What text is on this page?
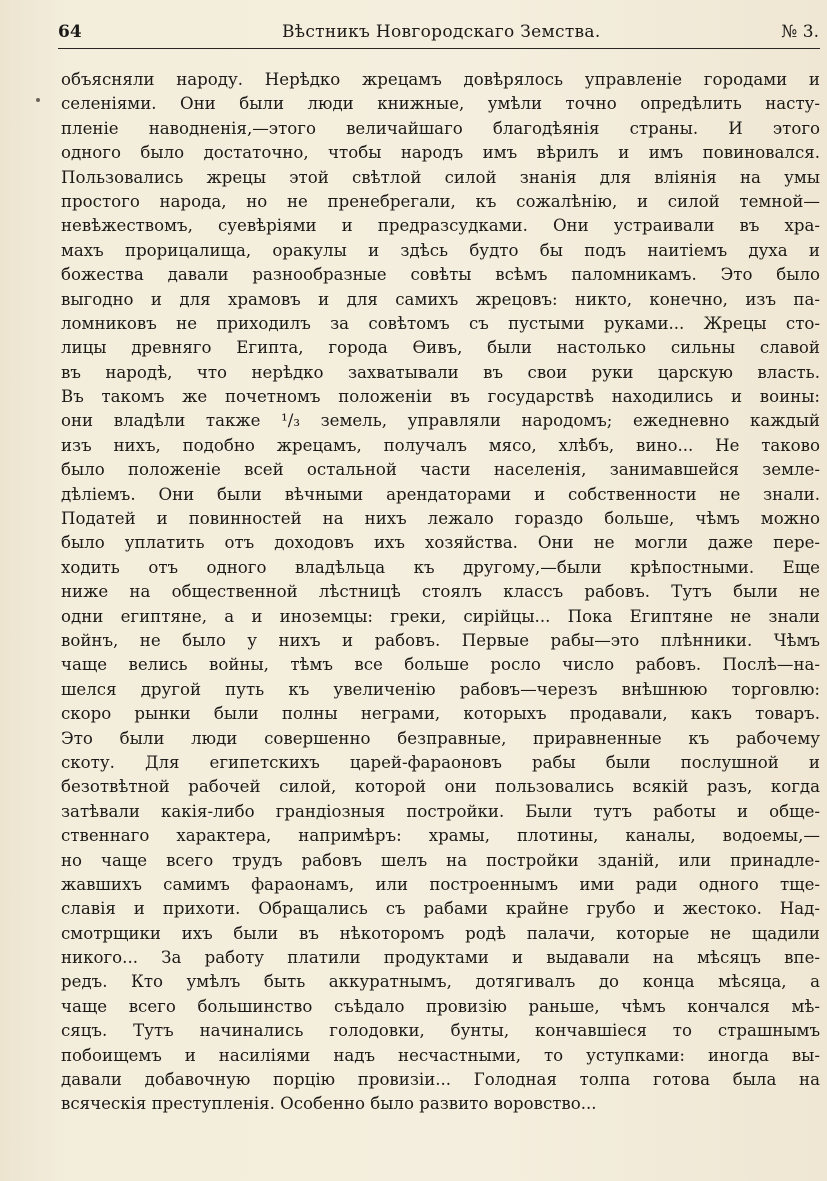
64	Вѣстникъ Новгородскаго Земства.	№ 3.
объясняли народу. Нерѣдко жрецамъ довѣрялось управленіе городами и
селеніями. Они были люди книжные, умѣли точно опредѣлить насту-
пленіе наводненія,—этого величайшаго благодѣянія страны. И этого
одного было достаточно, чтобы народъ имъ вѣрилъ и имъ повиновался.
Пользовались жрецы этой свѣтлой силой знанія для вліянія на умы
простого народа, но не пренебрегали, къ сожалѣнію, и силой темной—
невѣжествомъ, суевѣріями и предразсудками. Они устраивали въ хра-
махъ прорицалища, оракулы и здѣсь будто бы подъ наитіемъ духа и
божества давали разнообразные совѣты всѣмъ паломникамъ. Это было
выгодно и для храмовъ и для самихъ жрецовъ: никто, конечно, изъ па-
ломниковъ не приходилъ за совѣтомъ съ пустыми руками... Жрецы сто-
лицы древняго Египта, города Ѳивъ, были настолько сильны славой
въ народѣ, что нерѣдко захватывали въ свои руки царскую власть.
Въ такомъ же почетномъ положеніи въ государствѣ находились и воины:
они владѣли также ¹/₃ земель, управляли народомъ; ежедневно каждый
изъ нихъ, подобно жрецамъ, получалъ мясо, хлѣбъ, вино... Не таково
было положеніе всей остальной части населенія, занимавшейся земле-
дѣліемъ. Они были вѣчными арендаторами и собственности не знали.
Податей и повинностей на нихъ лежало гораздо больше, чѣмъ можно
было уплатить отъ доходовъ ихъ хозяйства. Они не могли даже пере-
ходить отъ одного владѣльца къ другому,—были крѣпостными. Еще
ниже на общественной лѣстницѣ стоялъ классъ рабовъ. Тутъ были не
одни египтяне, а и иноземцы: греки, сирійцы... Пока Египтяне не знали
войнъ, не было у нихъ и рабовъ. Первые рабы—это плѣнники. Чѣмъ
чаще велись войны, тѣмъ все больше росло число рабовъ. Послѣ—на-
шелся другой путь къ увеличенію рабовъ—черезъ внѣшнюю торговлю:
скоро рынки были полны неграми, которыхъ продавали, какъ товаръ.
Это были люди совершенно безправные, приравненные къ рабочему
скоту. Для египетскихъ царей-фараоновъ рабы были послушной и
безотвѣтной рабочей силой, которой они пользовались всякій разъ, когда
затѣвали какія-либо грандіозныя постройки. Были тутъ работы и обще-
ственнаго характера, напримѣръ: храмы, плотины, каналы, водоемы,—
но чаще всего трудъ рабовъ шелъ на постройки зданій, или принадле-
жавшихъ самимъ фараонамъ, или построеннымъ ими ради одного тще-
славія и прихоти. Обращались съ рабами крайне грубо и жестоко. Над-
смотрщики ихъ были въ нѣкоторомъ родѣ палачи, которые не щадили
никого... За работу платили продуктами и выдавали на мѣсяцъ впе-
редъ. Кто умѣлъ быть аккуратнымъ, дотягивалъ до конца мѣсяца, а
чаще всего большинство съѣдало провизію раньше, чѣмъ кончался мѣ-
сяцъ. Тутъ начинались голодовки, бунты, кончавшіеся то страшнымъ
побоищемъ и насиліями надъ несчастными, то уступками: иногда вы-
давали добавочную порцію провизіи... Голодная толпа готова была на
всяческія преступленія. Особенно было развито воровство...
